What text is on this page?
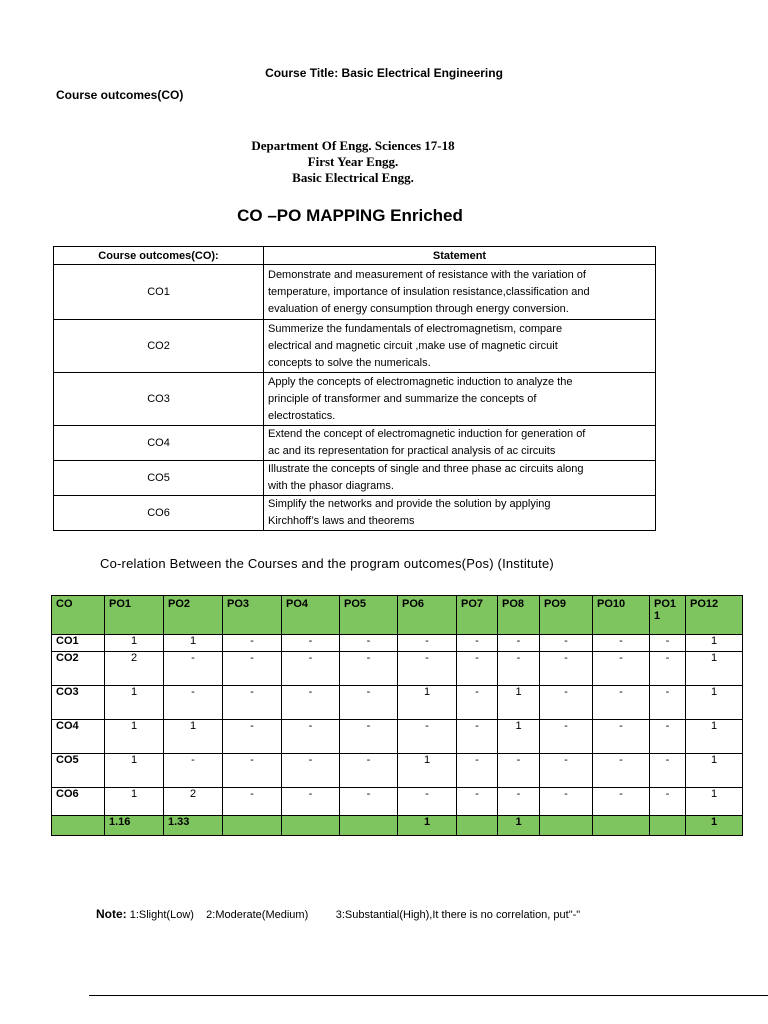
Course Title: Basic Electrical Engineering
Course outcomes(CO)
Department Of Engg. Sciences 17-18
First Year Engg.
Basic Electrical Engg.
CO –PO MAPPING Enriched
Course outcomes(CO):	Statement
CO1	Demonstrate and measurement of resistance with the variation of
temperature, importance of insulation resistance,classification and
evaluation of energy consumption through energy conversion.

CO2	Summerize the fundamentals of electromagnetism, compare
electrical and magnetic circuit ,make use of magnetic circuit
concepts to solve the numericals.

CO3	Apply the concepts of electromagnetic induction to analyze the
principle of transformer and summarize the concepts of
electrostatics.

CO4	Extend the concept of electromagnetic induction for generation of
ac and its representation for practical analysis of ac circuits

CO5	Illustrate the concepts of single and three phase ac circuits along
with the phasor diagrams.

CO6	Simplify the networks and provide the solution by applying
Kirchhoff’s laws and theorems
Co-relation Between the Courses and the program outcomes(Pos) (Institute)
CO	PO1	PO2	PO3	PO4	PO5	PO6	PO7	PO8	PO9	PO10	PO1 1	PO12
CO1	1	1	-	-	-	-	-	-	-	-	-	1
CO2	2	-	-	-	-	-	-	-	-	-	-	1
CO3	1	-	-	-	-	1	-	1	-	-	-	1
CO4	1	1	-	-	-	-	-	1	-	-	-	1
CO5	1	-	-	-	-	1	-	-	-	-	-	1
CO6	1	2	-	-	-	-	-	-	-	-	-	1
	1.16	1.33				1		1				1
Note: 1:Slight(Low)    2:Moderate(Medium)         3:Substantial(High),It there is no correlation, put"-"
